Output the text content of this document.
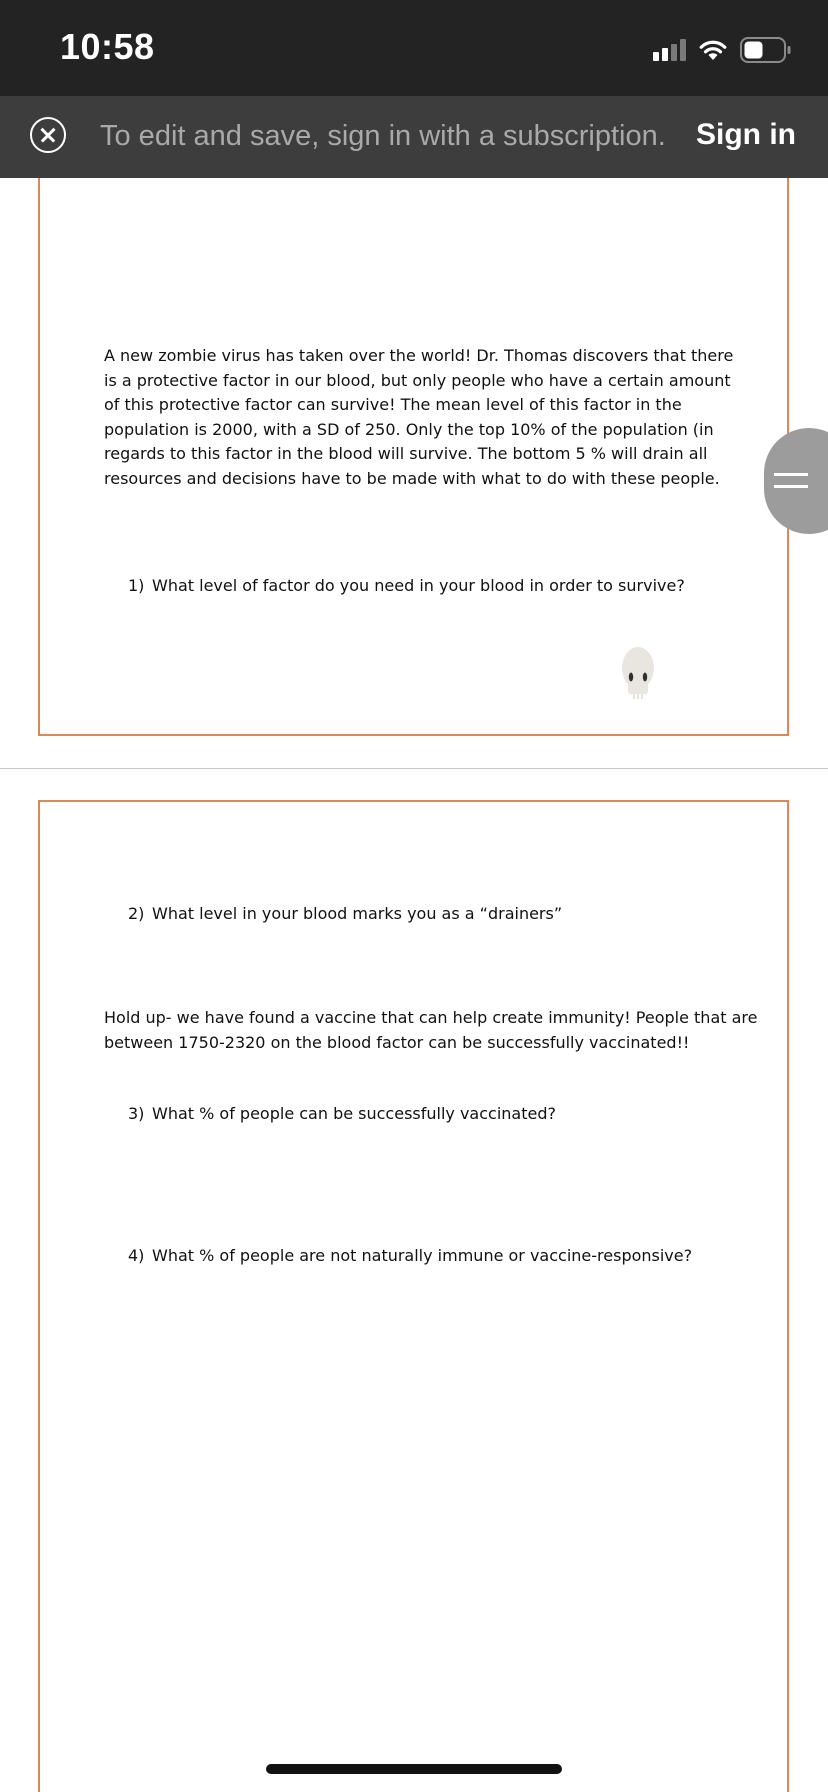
10:58
To edit and save, sign in with a subscription. Sign in
A new zombie virus has taken over the world! Dr. Thomas discovers that there is a protective factor in our blood, but only people who have a certain amount of this protective factor can survive! The mean level of this factor in the population is 2000, with a SD of 250. Only the top 10% of the population (in regards to this factor in the blood will survive. The bottom 5 % will drain all resources and decisions have to be made with what to do with these people.
1) What level of factor do you need in your blood in order to survive?
2) What level in your blood marks you as a “drainers”
Hold up- we have found a vaccine that can help create immunity! People that are between 1750-2320 on the blood factor can be successfully vaccinated!!
3) What % of people can be successfully vaccinated?
4) What % of people are not naturally immune or vaccine-responsive?
